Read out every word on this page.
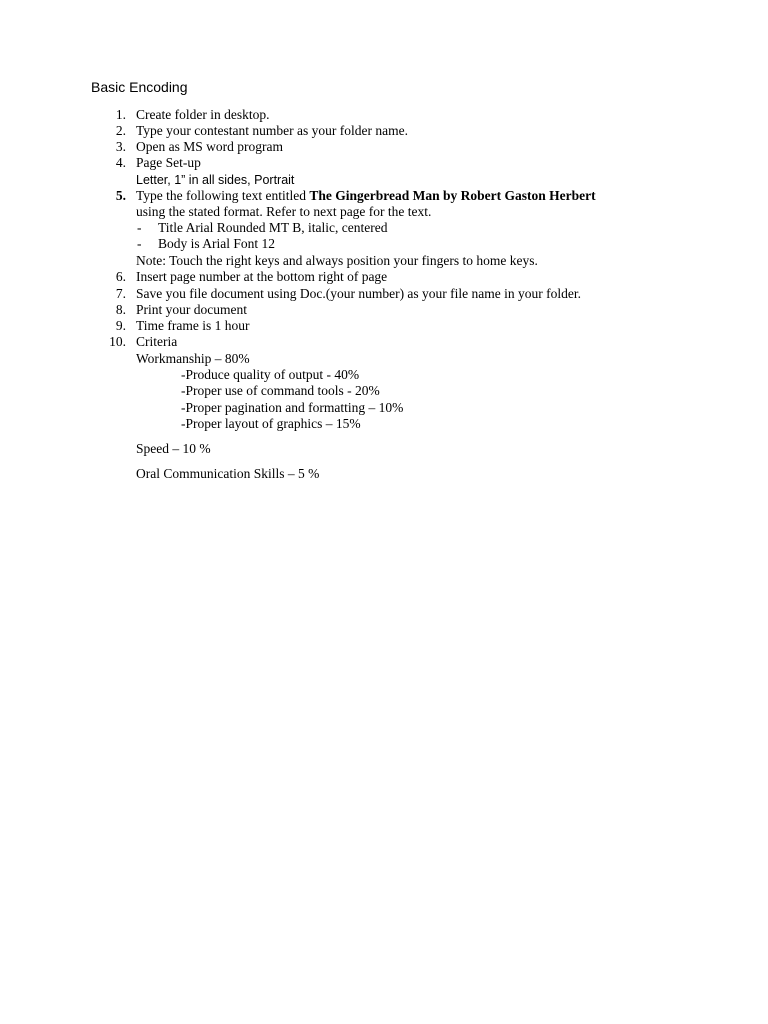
Basic Encoding
1. Create folder in desktop.
2. Type your contestant number as your folder name.
3. Open as MS word program
4. Page Set-up
Letter, 1” in all sides, Portrait
5. Type the following text entitled The Gingerbread Man by Robert Gaston Herbert
using the stated format. Refer to next page for the text.
- Title Arial Rounded MT B, italic, centered
- Body is Arial Font 12
Note: Touch the right keys and always position your fingers to home keys.
6. Insert page number at the bottom right of page
7. Save you file document using Doc.(your number) as your file name in your folder.
8. Print your document
9. Time frame is 1 hour
10. Criteria
Workmanship – 80%
-Produce quality of output - 40%
-Proper use of command tools - 20%
-Proper pagination and formatting – 10%
-Proper layout of graphics – 15%
Speed – 10 %
Oral Communication Skills – 5 %
